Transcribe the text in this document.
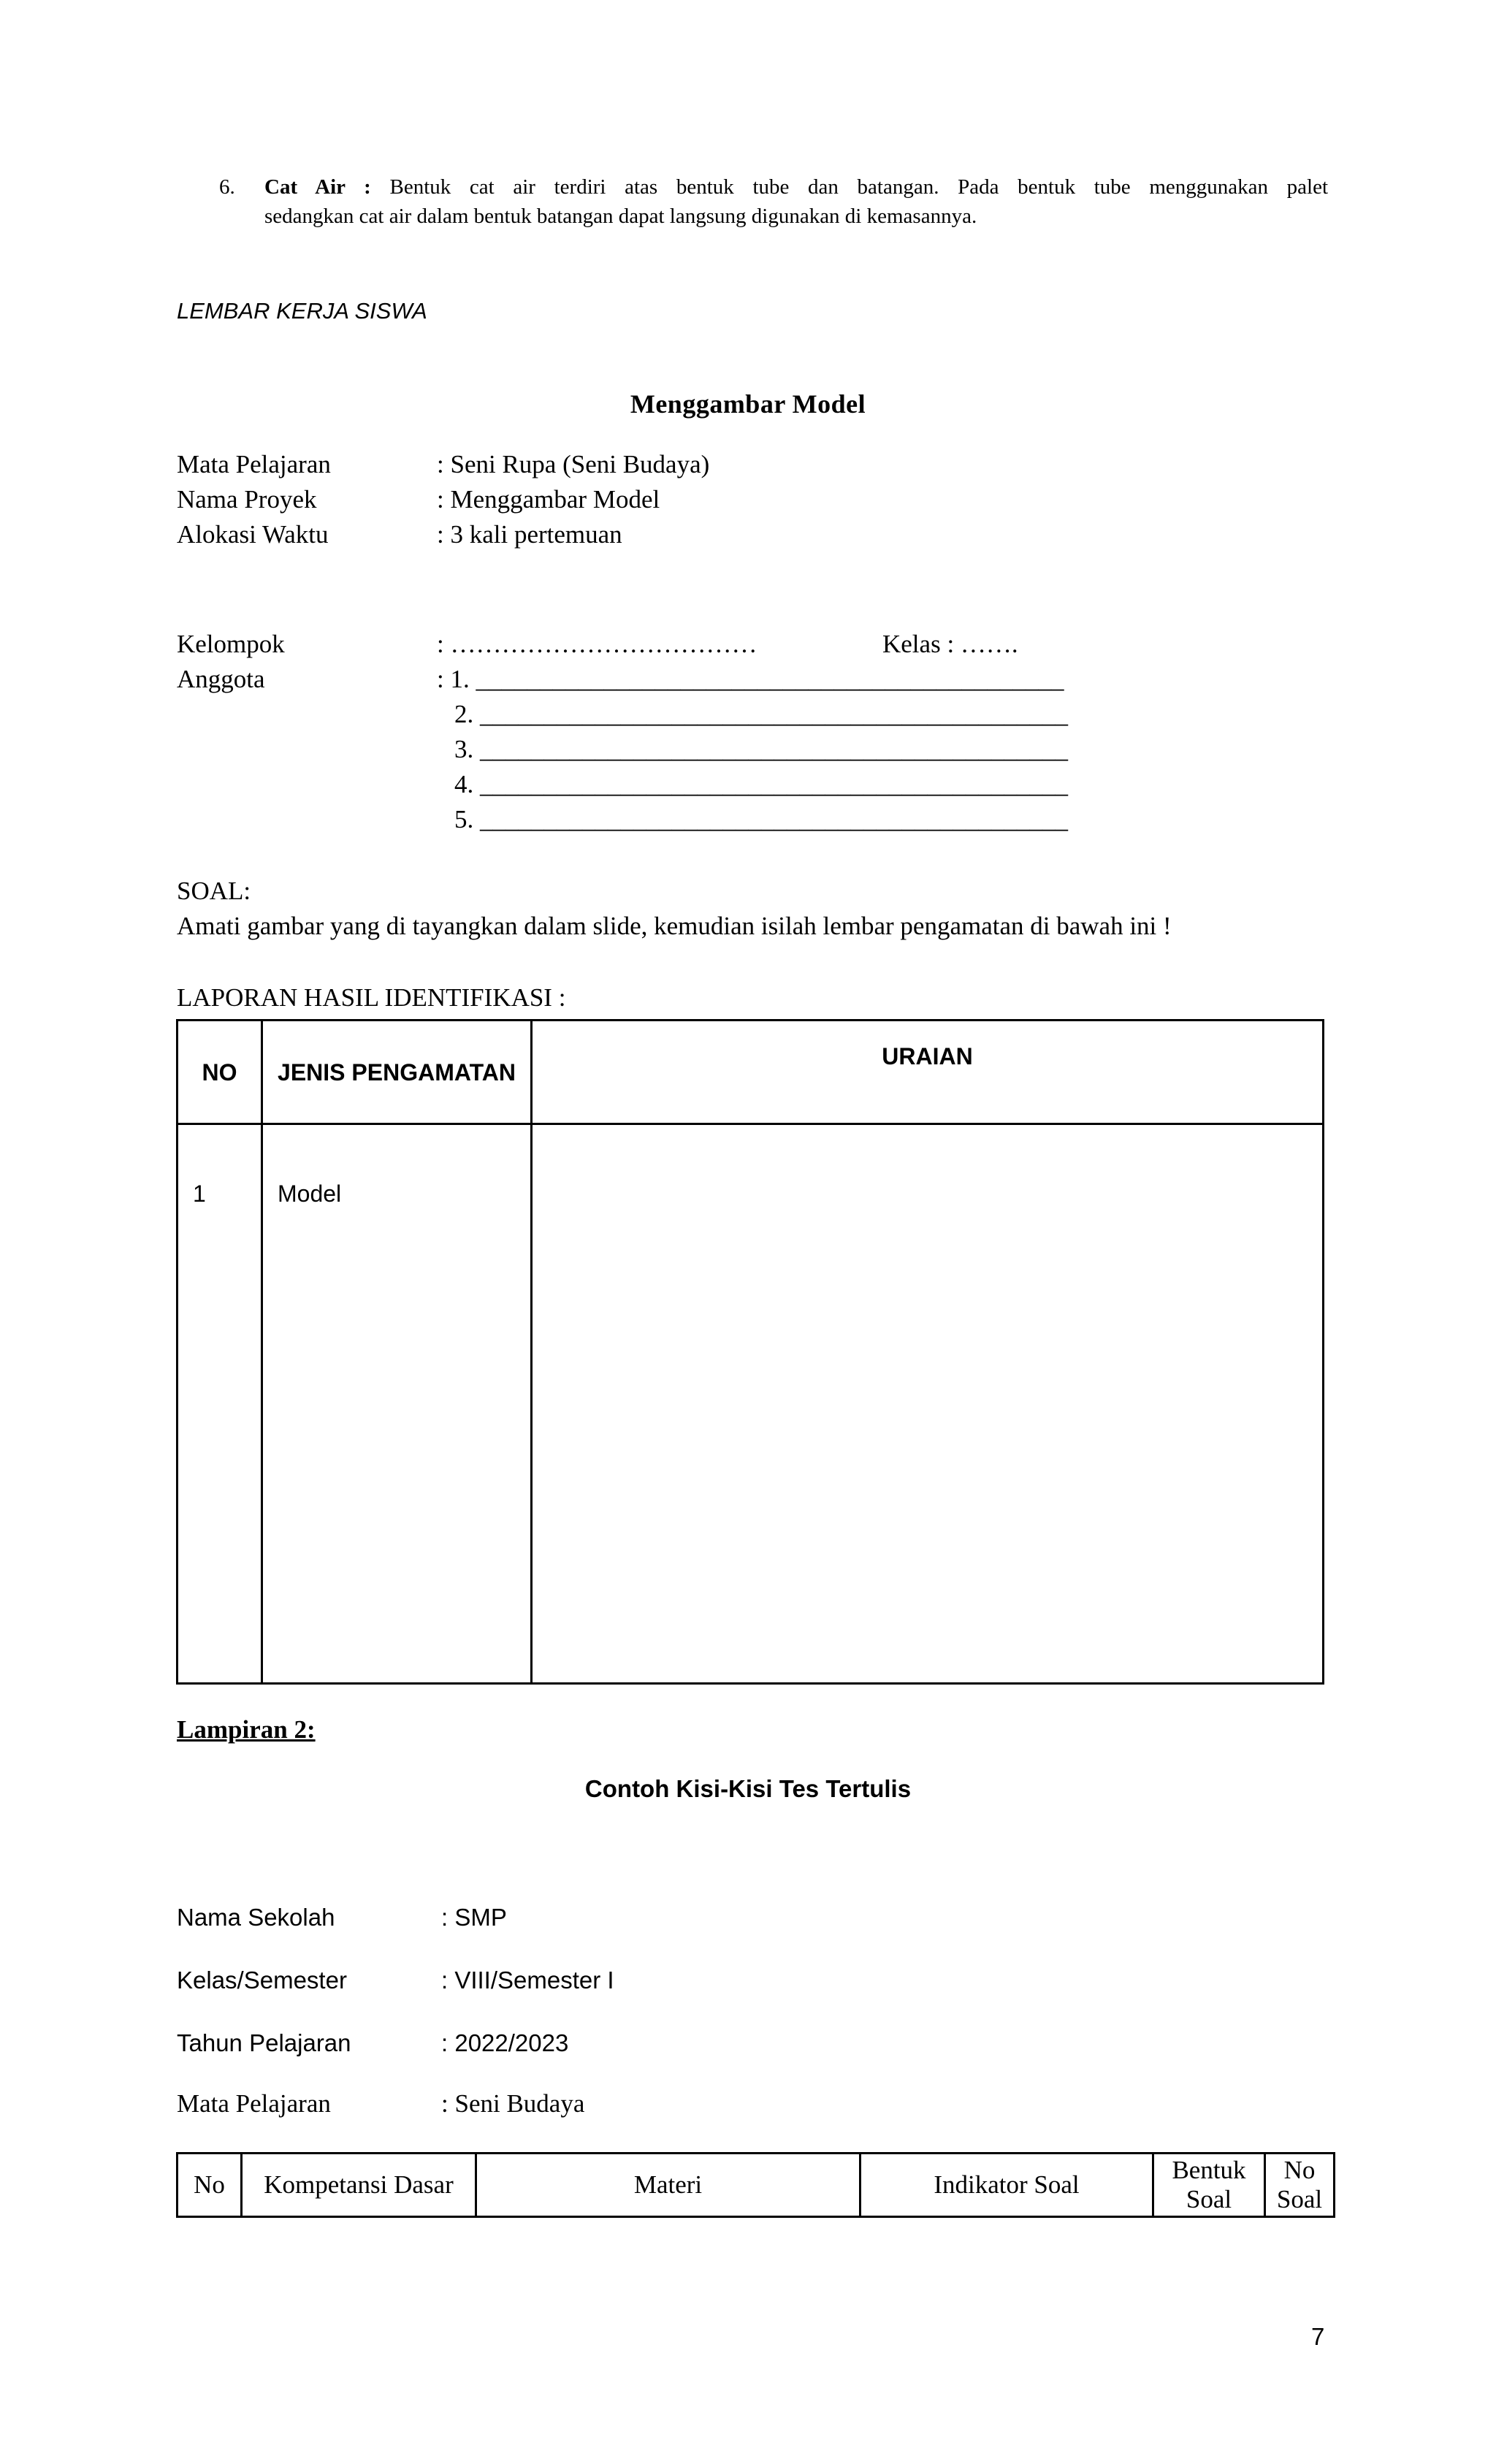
6. Cat Air : Bentuk cat air terdiri atas bentuk tube dan batangan. Pada bentuk tube menggunakan palet
sedangkan cat air dalam bentuk batangan dapat langsung digunakan di kemasannya.
LEMBAR KERJA SISWA
Menggambar Model
Mata Pelajaran	: Seni Rupa (Seni Budaya)
Nama Proyek	: Menggambar Model
Alokasi Waktu	: 3 kali pertemuan
Kelompok	: ………………………………	Kelas : …….
Anggota	: 1. ______________________________________________
2. ______________________________________________
3. ______________________________________________
4. ______________________________________________
5. ______________________________________________
SOAL:
Amati gambar yang di tayangkan dalam slide, kemudian isilah lembar pengamatan di bawah ini !
LAPORAN HASIL IDENTIFIKASI :
NO	JENIS PENGAMATAN	URAIAN
1	Model	
Lampiran 2:
Contoh Kisi-Kisi Tes Tertulis
Nama Sekolah	: SMP
Kelas/Semester	: VIII/Semester I
Tahun Pelajaran	: 2022/2023
Mata Pelajaran	: Seni Budaya
No	Kompetansi Dasar	Materi	Indikator Soal	Bentuk Soal	No Soal
7
